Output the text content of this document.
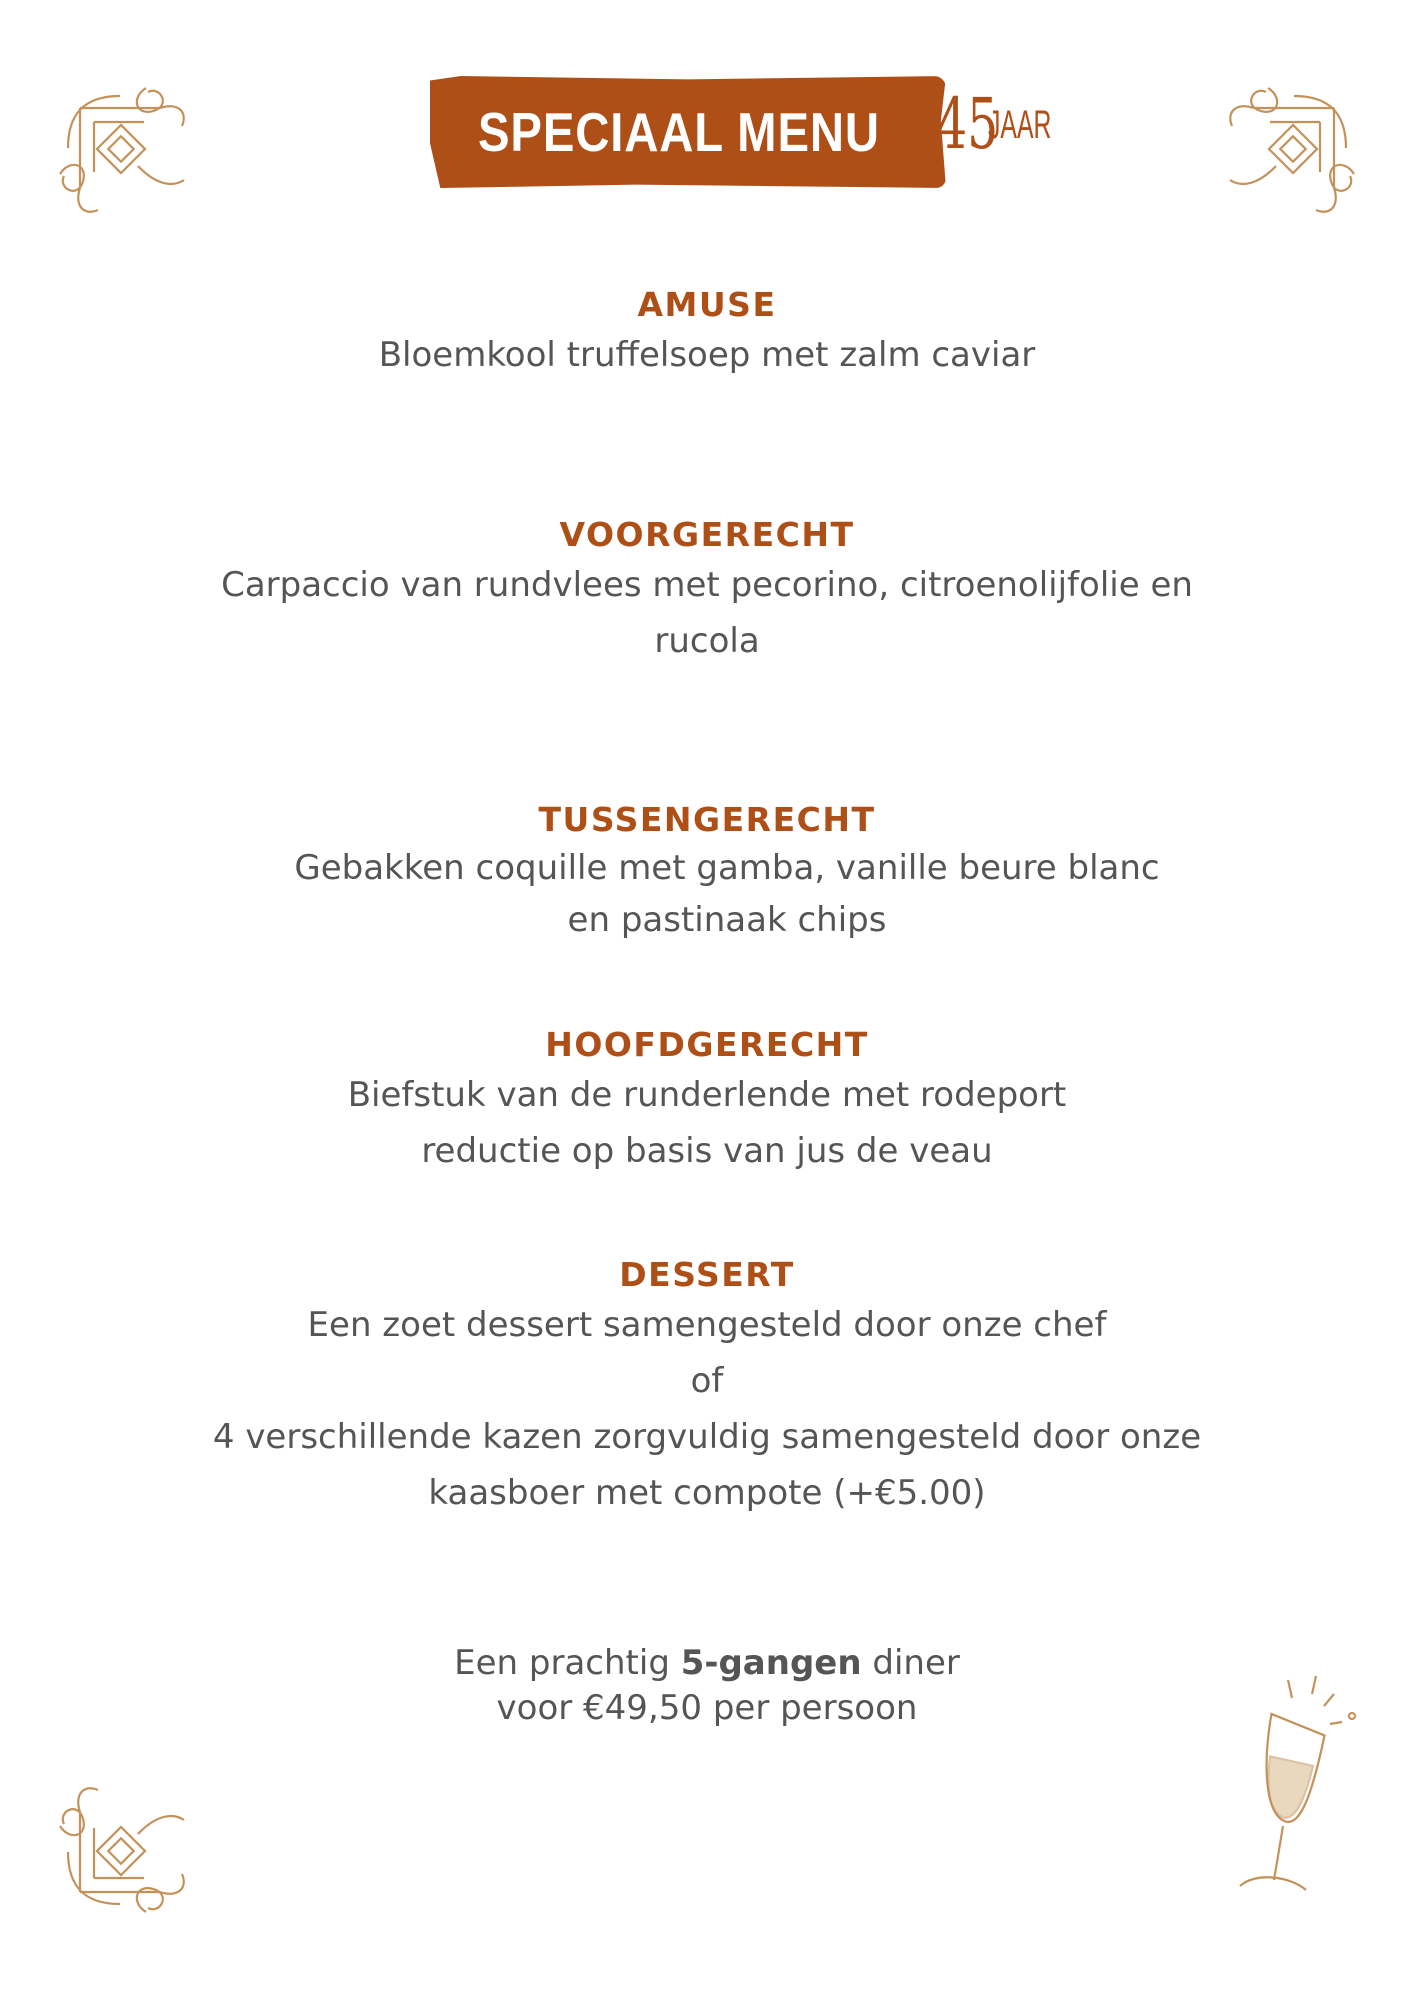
SPECIAAL MENU 45
JAAR
AMUSE

Bloemkool truffelsoep met zalm caviar

VOORGERECHT

Carpaccio van rundvlees met pecorino, citroenolijfolie en

rucola

TUSSENGERECHT

Gebakken coquille met gamba, vanille beure blanc

en pastinaak chips

HOOFDGERECHT

Biefstuk van de runderlende met rodeport

reductie op basis van jus de veau

DESSERT

Een zoet dessert samengesteld door onze chef

of

4 verschillende kazen zorgvuldig samengesteld door onze

kaasboer met compote (+€5.00)

Een prachtig 5-gangen diner
voor €49,50 per persoon
